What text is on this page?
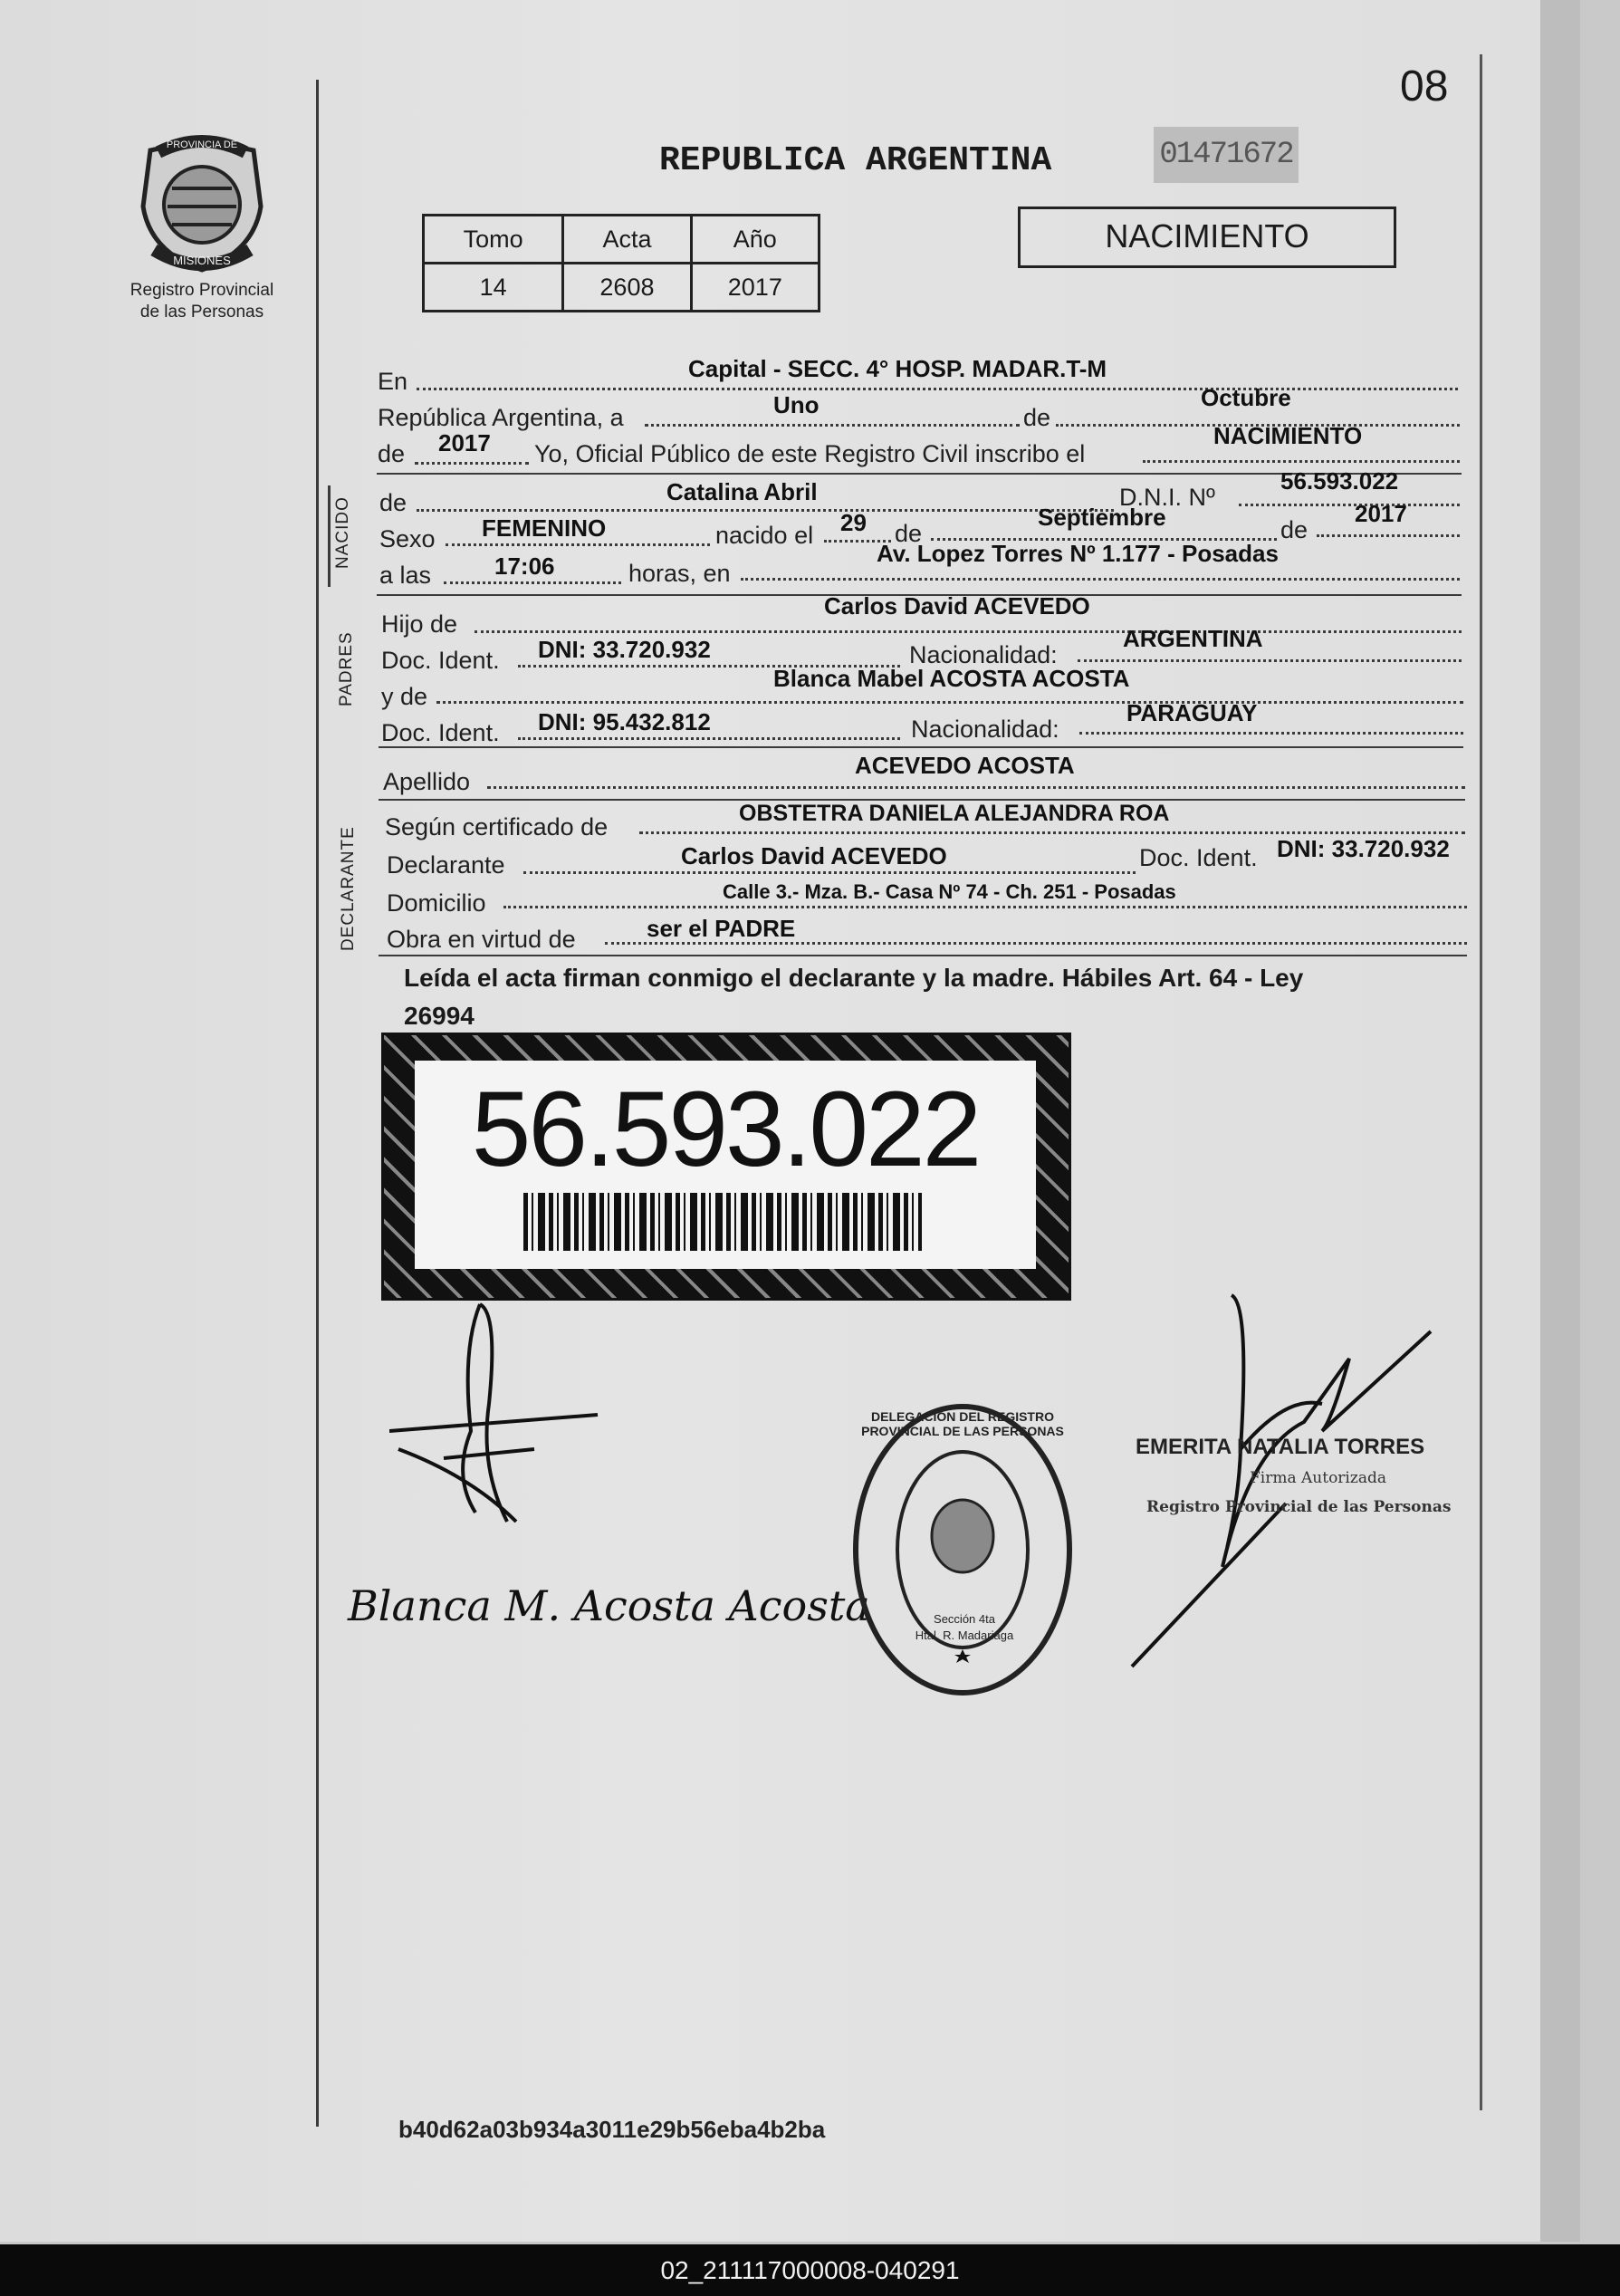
08
PROVINCIA DE
MISIONES
Registro Provincial
de las Personas
REPUBLICA ARGENTINA	01471672
Tomo	Acta	Año
14	2608	2017
NACIMIENTO
En	Capital - SECC. 4° HOSP. MADAR.T-M
República Argentina, a	Uno	de
Octubre
de 2017 Yo, Oficial Público de este Registro Civil inscribo el
NACIMIENTO
NACIDO de	Catalina Abril	D.N.I. Nº
56.593.022
Sexo FEMENINO	nacido el 29 de
Septiembre	de
2017
a las	17:06	horas, en
Av. Lopez Torres Nº 1.177 - Posadas
PADRES
Hijo de
Carlos David ACEVEDO
Doc. Ident. DNI: 33.720.932	Nacionalidad:
ARGENTINA
y de
Blanca Mabel ACOSTA ACOSTA
Doc. Ident. DNI: 95.432.812	Nacionalidad:
PARAGUAY
Apellido
ACEVEDO ACOSTA
DECLARANTE Según certificado de	OBSTETRA DANIELA ALEJANDRA ROA
Declarante	Carlos David ACEVEDO	Doc. Ident. DNI: 33.720.932
Domicilio	Calle 3.- Mza. B.- Casa Nº 74 - Ch. 251 - Posadas
Obra en virtud de	ser el PADRE
Leída el acta firman conmigo el declarante y la madre. Hábiles Art. 64 - Ley
26994
56.593.022
Blanca M. Acosta Acosta
DELEGACION DEL REGISTRO PROVINCIAL DE LAS PERSONAS
Sección 4ta
Htal. R. Madariaga
EMERITA NATALIA TORRES
Firma Autorizada
Registro Provincial de las Personas
b40d62a03b934a3011e29b56eba4b2ba
02_211117000008-040291
